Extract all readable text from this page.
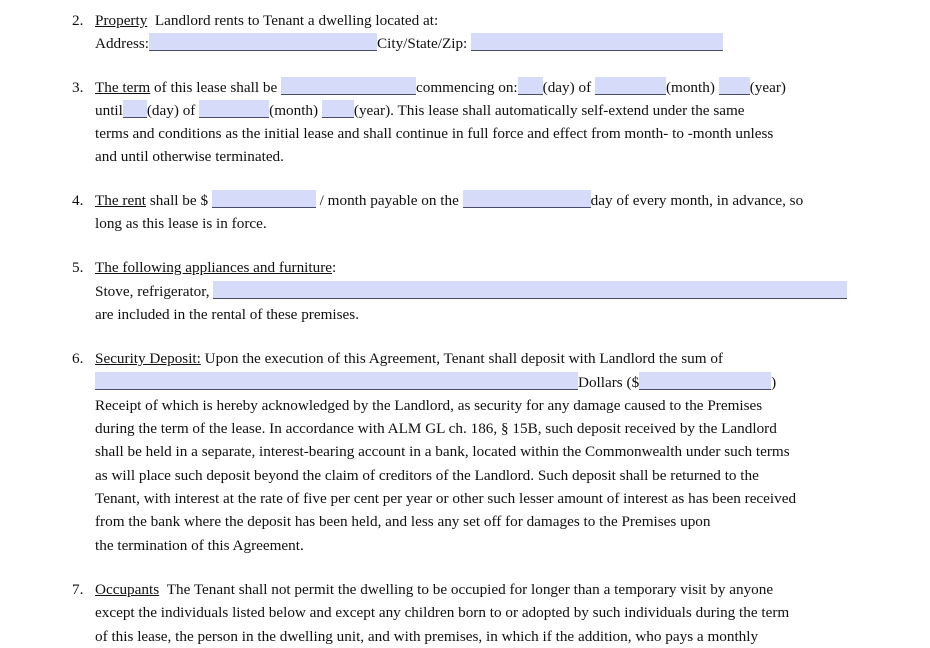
2. Property Landlord rents to Tenant a dwelling located at:
Address:	City/State/Zip:
3. The term of this lease shall be	commencing on: (day) of	(month) (year)
until (day) of	(month) (year). This lease shall automatically self-extend under the same
terms and conditions as the initial lease and shall continue in full force and effect from month- to -month unless
and until otherwise terminated.
4. The rent shall be $	/ month payable on the	day of every month, in advance, so
long as this lease is in force.
5. The following appliances and furniture:
Stove, refrigerator,
are included in the rental of these premises.
6. Security Deposit: Upon the execution of this Agreement, Tenant shall deposit with Landlord the sum of
Dollars ($	)
Receipt of which is hereby acknowledged by the Landlord, as security for any damage caused to the Premises
during the term of the lease. In accordance with ALM GL ch. 186, § 15B, such deposit received by the Landlord
shall be held in a separate, interest-bearing account in a bank, located within the Commonwealth under such terms
as will place such deposit beyond the claim of creditors of the Landlord. Such deposit shall be returned to the
Tenant, with interest at the rate of five per cent per year or other such lesser amount of interest as has been received
from the bank where the deposit has been held, and less any set off for damages to the Premises upon
the termination of this Agreement.
7. Occupants The Tenant shall not permit the dwelling to be occupied for longer than a temporary visit by anyone
except the individuals listed below and except any children born to or adopted by such individuals during the term
of this lease, the person in the dwelling unit, and with premises, in which if the addition, who pays a monthly
